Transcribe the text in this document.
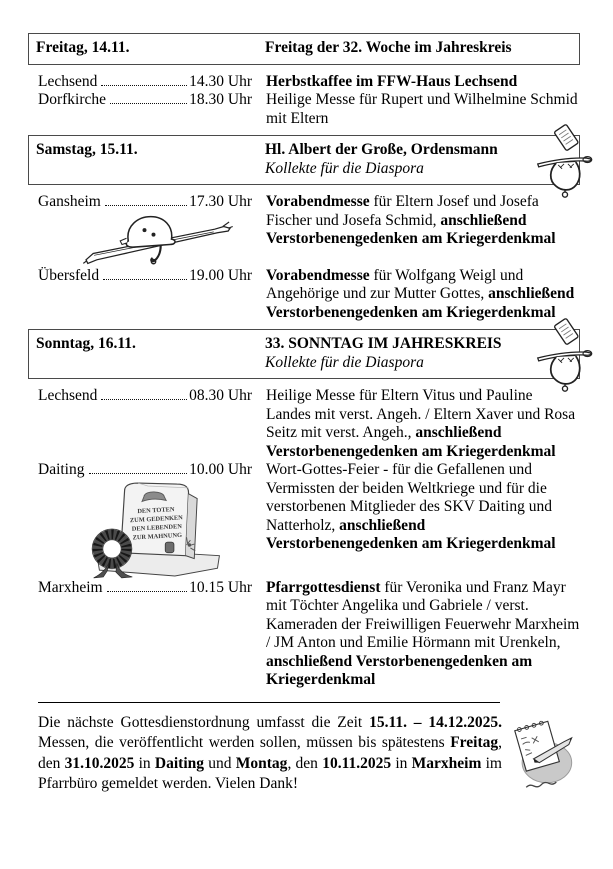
Freitag, 14.11.	Freitag der 32. Woche im Jahreskreis
Lechsend	14.30 Uhr Herbstkaffee im FFW-Haus Lechsend
Dorfkirche	18.30 Uhr Heilige Messe für Rupert und Wilhelmine Schmid mit Eltern
Samstag, 15.11.	Hl. Albert der Große, Ordensmann
Kollekte für die Diaspora
Gansheim	17.30 Uhr Vorabendmesse für Eltern Josef und Josefa Fischer und Josefa Schmid, anschließend Verstorbenengedenken am Kriegerdenkmal
Übersfeld	19.00 Uhr Vorabendmesse für Wolfgang Weigl und Angehörige und zur Mutter Gottes, anschließend Verstorbenengedenken am Kriegerdenkmal
Sonntag, 16.11.	33. SONNTAG IM JAHRESKREIS
Kollekte für die Diaspora
Lechsend	08.30 Uhr Heilige Messe für Eltern Vitus und Pauline Landes mit verst. Angeh. / Eltern Xaver und Rosa Seitz mit verst. Angeh., anschließend Verstorbenengedenken am Kriegerdenkmal
Daiting	10.00 Uhr
DEN TOTEN
ZUM GEDENKEN
DEN LEBENDEN
ZUR MAHNUNG
Wort-Gottes-Feier - für die Gefallenen und Vermissten der beiden Weltkriege und für die verstorbenen Mitglieder des SKV Daiting und Natterholz, anschließend Verstorbenengedenken am Kriegerdenkmal
Marxheim	10.15 Uhr Pfarrgottesdienst für Veronika und Franz Mayr mit Töchter Angelika und Gabriele / verst. Kameraden der Freiwilligen Feuerwehr Marxheim / JM Anton und Emilie Hörmann mit Urenkeln, anschließend Verstorbenengedenken am Kriegerdenkmal
Die nächste Gottesdienstordnung umfasst die Zeit 15.11. – 14.12.2025. Messen, die veröffentlicht werden sollen, müssen bis spätestens Freitag, den 31.10.2025 in Daiting und Montag, den 10.11.2025 in Marxheim im Pfarrbüro gemeldet werden. Vielen Dank!
